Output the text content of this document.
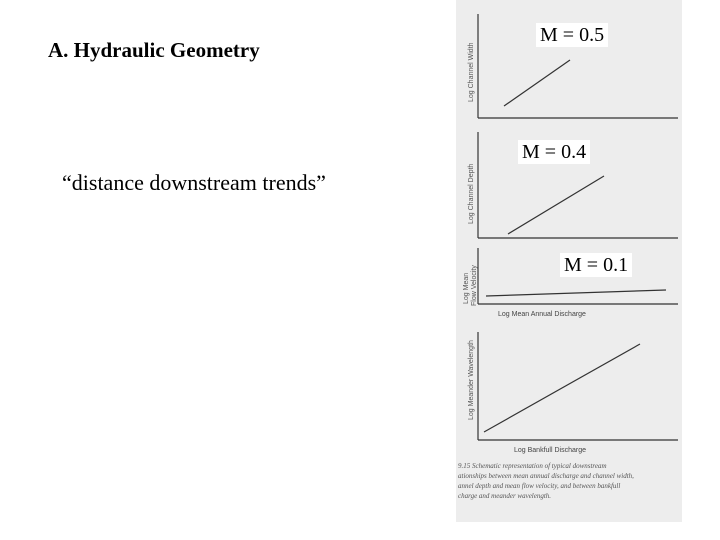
A. Hydraulic Geometry
“distance downstream trends”
Log Channel Width
Log Channel Depth
Log Mean Flow Velocity
Log Mean Annual Discharge
Log Meander Wavelength
Log Bankfull Discharge
9.15 Schematic representation of typical downstream
ationships between mean annual discharge and channel width,
annel depth and mean flow velocity, and between bankfull
charge and meander wavelength.
M = 0.5
M = 0.4
M = 0.1
